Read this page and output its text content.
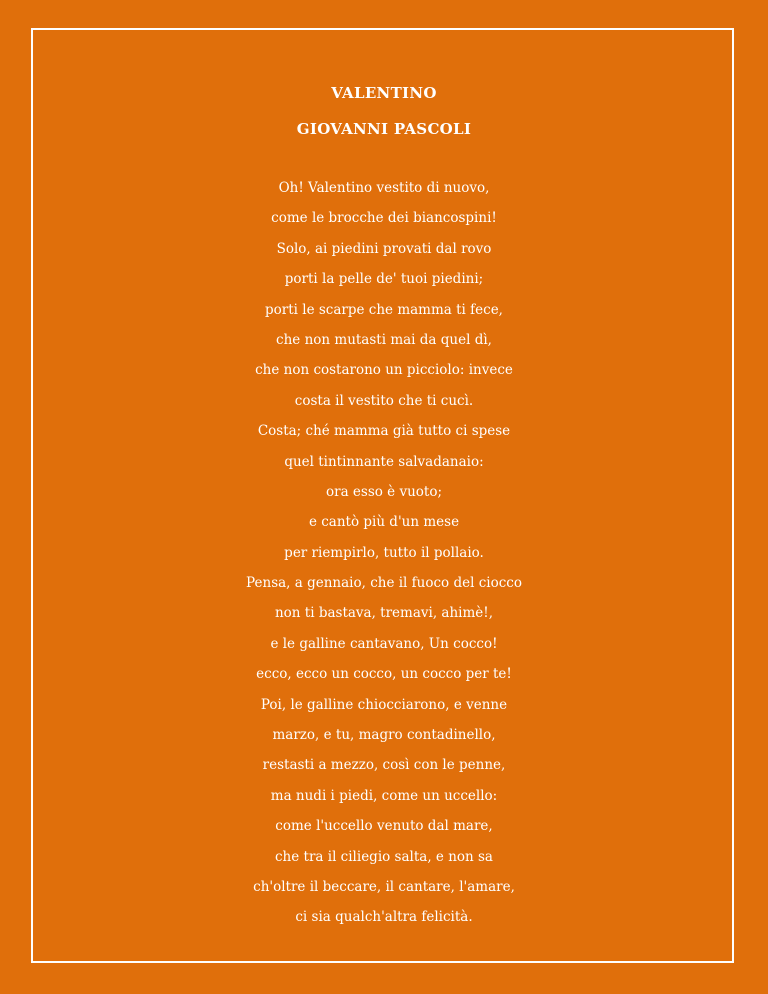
VALENTINO
GIOVANNI PASCOLI
Oh! Valentino vestito di nuovo,
come le brocche dei biancospini!
Solo, ai piedini provati dal rovo
porti la pelle de' tuoi piedini;
porti le scarpe che mamma ti fece,
che non mutasti mai da quel dì,
che non costarono un picciolo: invece
costa il vestito che ti cucì.
Costa; ché mamma già tutto ci spese
quel tintinnante salvadanaio:
ora esso è vuoto;
e cantò più d'un mese
per riempirlo, tutto il pollaio.
Pensa, a gennaio, che il fuoco del ciocco
non ti bastava, tremavi, ahimè!,
e le galline cantavano, Un cocco!
ecco, ecco un cocco, un cocco per te!
Poi, le galline chiocciarono, e venne
marzo, e tu, magro contadinello,
restasti a mezzo, così con le penne,
ma nudi i piedi, come un uccello:
come l'uccello venuto dal mare,
che tra il ciliegio salta, e non sa
ch'oltre il beccare, il cantare, l'amare,
ci sia qualch'altra felicità.
